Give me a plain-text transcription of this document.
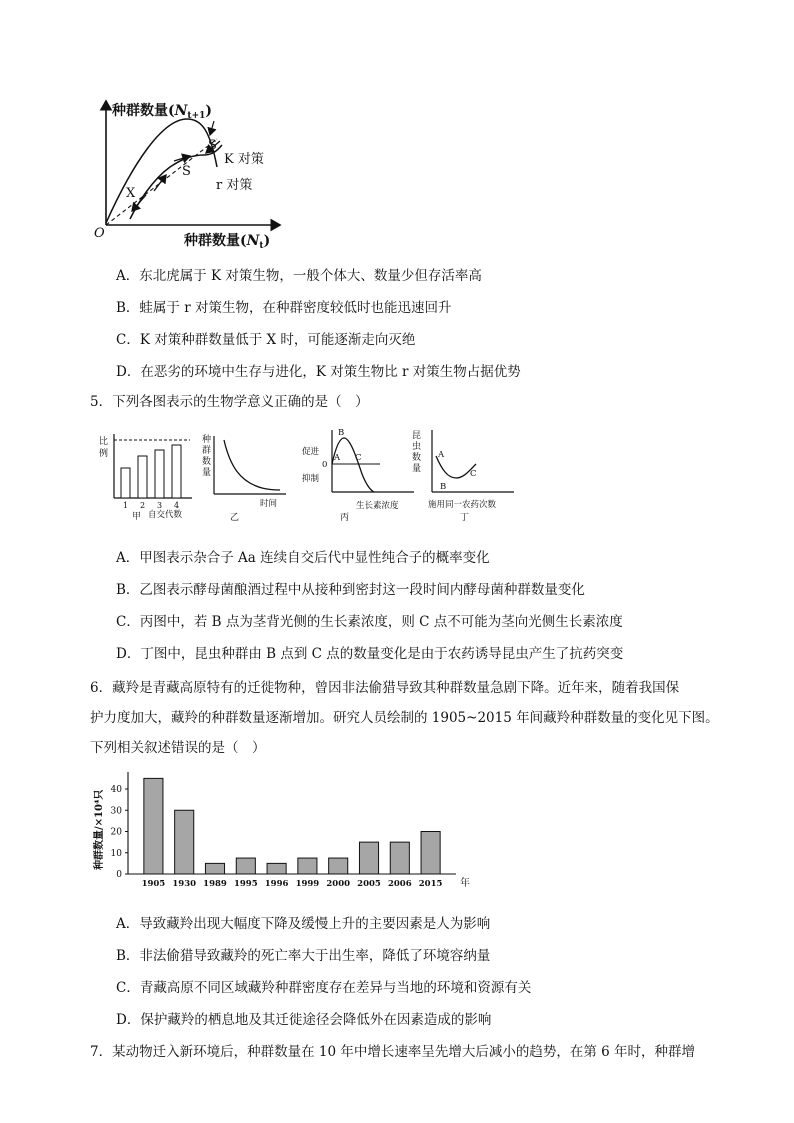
种群数量$(N_{t+1})$
O	种群数量$(N_t)$
S
S
X
K 对策
r 对策
A．东北虎属于 K 对策生物，一般个体大、数量少但存活率高
B．蛙属于 r 对策生物，在种群密度较低时也能迅速回升
C．K 对策种群数量低于 X 时，可能逐渐走向灭绝
D．在恶劣的环境中生存与进化，K 对策生物比 r 对策生物占据优势
5．下列各图表示的生物学意义正确的是（　）
比
例
1 2 3 4
自交代数
甲
种
群
数
量
时间
乙
促进
0
抑制
B
A C
生长素浓度
丙
昆
虫
数
量
A
B
C
施用同一农药次数
丁
A．甲图表示杂合子 Aa 连续自交后代中显性纯合子的概率变化
B．乙图表示酵母菌酿酒过程中从接种到密封这一段时间内酵母菌种群数量变化
C．丙图中，若 B 点为茎背光侧的生长素浓度，则 C 点不可能为茎向光侧生长素浓度
D．丁图中，昆虫种群由 B 点到 C 点的数量变化是由于农药诱导昆虫产生了抗药突变
6．藏羚是青藏高原特有的迁徙物种，曾因非法偷猎导致其种群数量急剧下降。近年来，随着我国保
护力度加大，藏羚的种群数量逐渐增加。研究人员绘制的 1905~2015 年间藏羚种群数量的变化见下图。
下列相关叙述错误的是（　）
0
10
20
30
40
1905 1930 1989 1995 1996 1999 2000 2005 2006 2015
种群数量/×10⁴只
年
A．导致藏羚出现大幅度下降及缓慢上升的主要因素是人为影响
B．非法偷猎导致藏羚的死亡率大于出生率，降低了环境容纳量
C．青藏高原不同区域藏羚种群密度存在差异与当地的环境和资源有关
D．保护藏羚的栖息地及其迁徙途径会降低外在因素造成的影响
7．某动物迁入新环境后，种群数量在 10 年中增长速率呈先增大后减小的趋势，在第 6 年时，种群增
